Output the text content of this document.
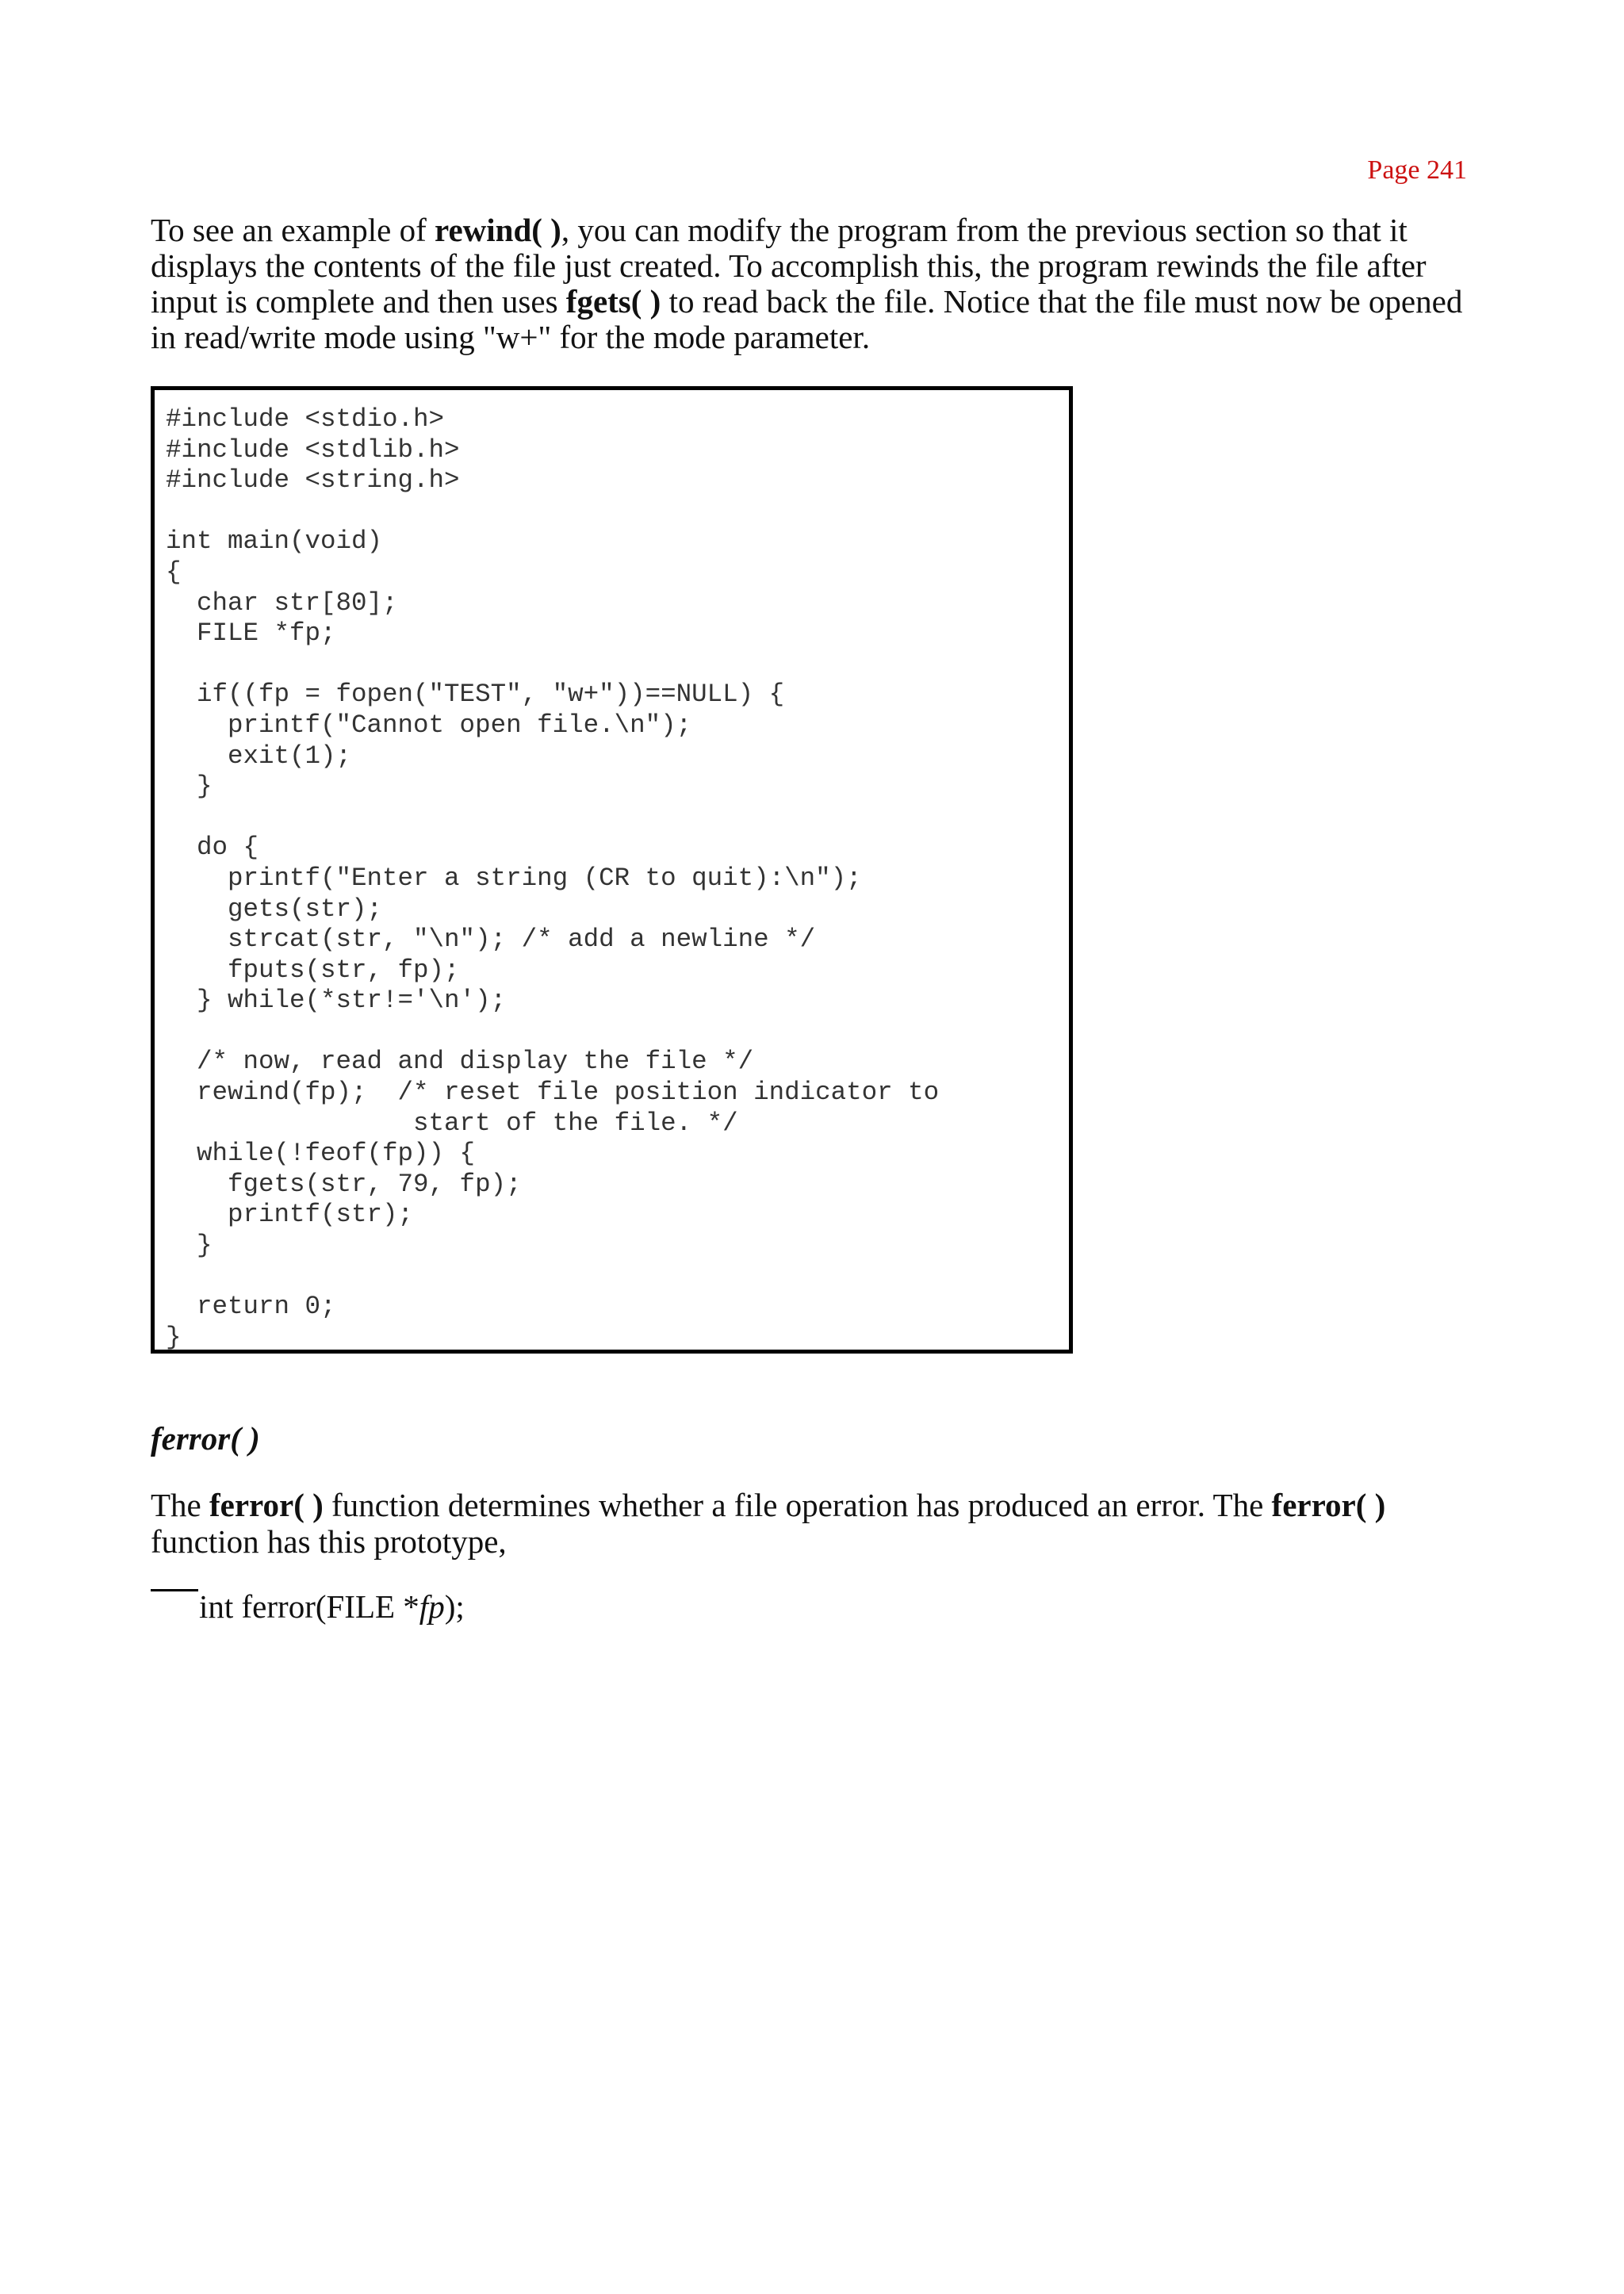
Page 241

To see an example of rewind( ), you can modify the program from the previous section so that it displays the contents of the file just created. To accomplish this, the program rewinds the file after input is complete and then uses fgets( ) to read back the file. Notice that the file must now be opened in read/write mode using "w+" for the mode parameter.

#include <stdio.h>
#include <stdlib.h>
#include <string.h>

int main(void)
{
char str[80];
FILE *fp;

if((fp = fopen("TEST", "w+"))==NULL) {
printf("Cannot open file.\n");
exit(1);
}

do {
printf("Enter a string (CR to quit):\n");
gets(str);
strcat(str, "\n"); /* add a newline */
fputs(str, fp);
} while(*str!='\n');

/* now, read and display the file */
rewind(fp);  /* reset file position indicator to
start of the file. */
while(!feof(fp)) {
fgets(str, 79, fp);
printf(str);
}

return 0;
}
ferror( )

The ferror( ) function determines whether a file operation has produced an error. The ferror( ) function has this prototype,

int ferror(FILE *fp);
